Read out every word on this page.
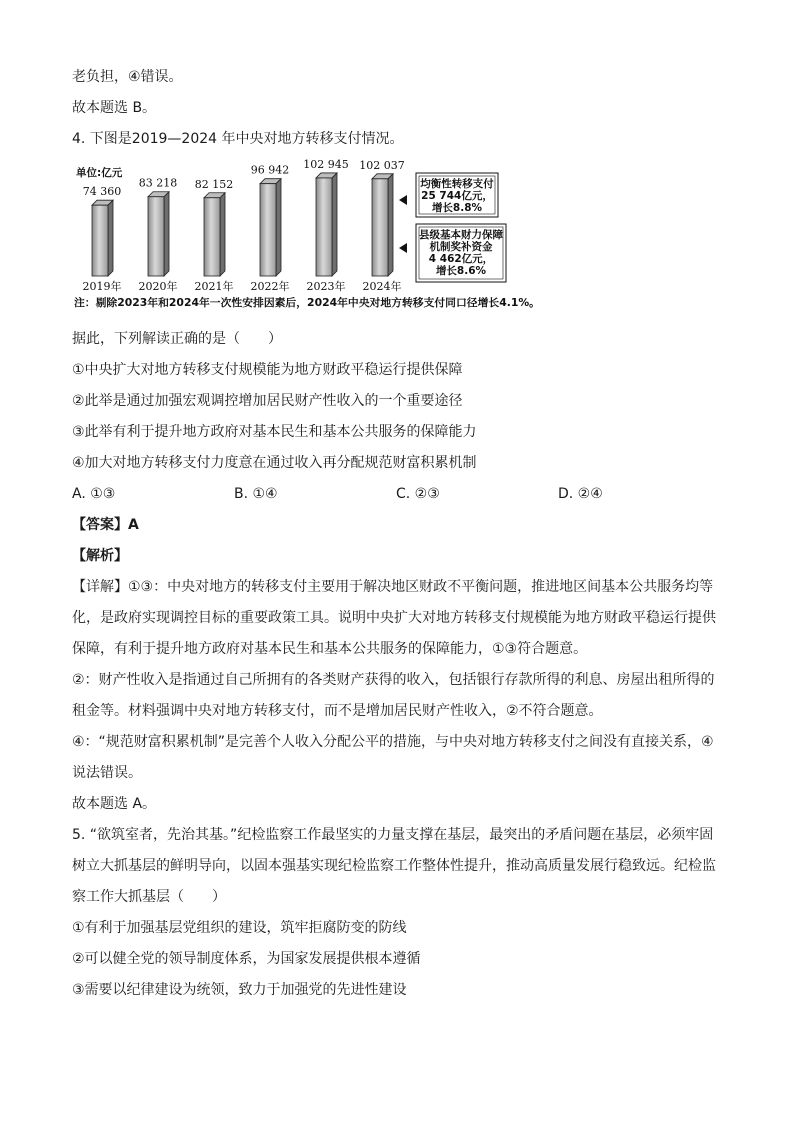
老负担，④错误。
故本题选 B。
4. 下图是2019—2024 年中央对地方转移支付情况。
单位:亿元
74 360
2019年
83 218
2020年
82 152
2021年
96 942
2022年
102 945
2023年
102 037
2024年
均衡性转移支付
25 744亿元，
增长8.8%
县级基本财力保障
机制奖补资金
4 462亿元，
增长8.6%
注：剔除2023年和2024年一次性安排因素后，2024年中央对地方转移支付同口径增长4.1%。
据此，下列解读正确的是（　　）
①中央扩大对地方转移支付规模能为地方财政平稳运行提供保障
②此举是通过加强宏观调控增加居民财产性收入的一个重要途径
③此举有利于提升地方政府对基本民生和基本公共服务的保障能力
④加大对地方转移支付力度意在通过收入再分配规范财富积累机制
A. ①③	B. ①④	C. ②③	D. ②④
【答案】A
【解析】
【详解】①③：中央对地方的转移支付主要用于解决地区财政不平衡问题，推进地区间基本公共服务均等化，是政府实现调控目标的重要政策工具。说明中央扩大对地方转移支付规模能为地方财政平稳运行提供保障，有利于提升地方政府对基本民生和基本公共服务的保障能力，①③符合题意。
②：财产性收入是指通过自己所拥有的各类财产获得的收入，包括银行存款所得的利息、房屋出租所得的租金等。材料强调中央对地方转移支付，而不是增加居民财产性收入，②不符合题意。
④：“规范财富积累机制”是完善个人收入分配公平的措施，与中央对地方转移支付之间没有直接关系，④说法错误。
故本题选 A。
5. “欲筑室者，先治其基。”纪检监察工作最坚实的力量支撑在基层，最突出的矛盾问题在基层，必须牢固树立大抓基层的鲜明导向，以固本强基实现纪检监察工作整体性提升，推动高质量发展行稳致远。纪检监察工作大抓基层（　　）
①有利于加强基层党组织的建设，筑牢拒腐防变的防线
②可以健全党的领导制度体系，为国家发展提供根本遵循
③需要以纪律建设为统领，致力于加强党的先进性建设
